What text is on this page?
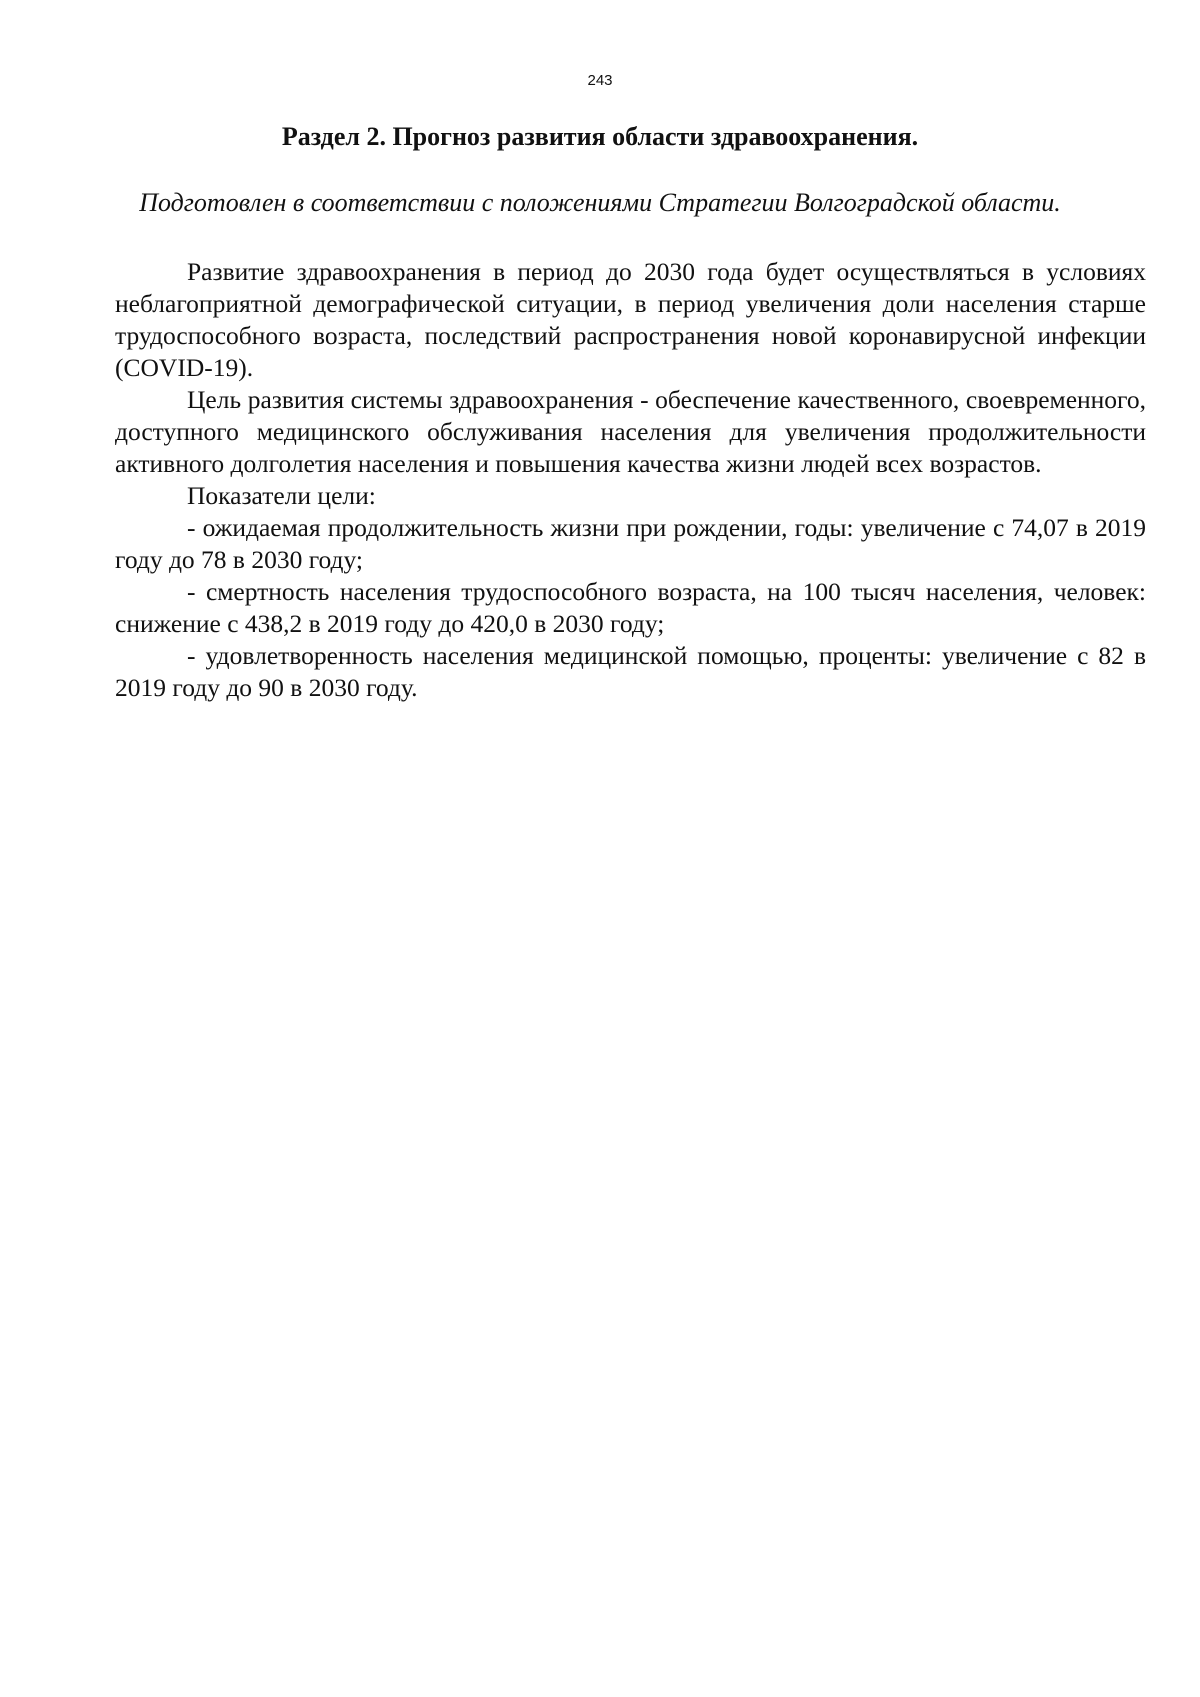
243
Раздел 2. Прогноз развития области здравоохранения.
Подготовлен в соответствии с положениями Стратегии Волгоградской области.

Развитие здравоохранения в период до 2030 года будет осуществляться в условиях неблагоприятной демографической ситуации, в период увеличения доли населения старше трудоспособного возраста, последствий распространения новой коронавирусной инфекции (COVID-19).

Цель развития системы здравоохранения - обеспечение качественного, своевременного, доступного медицинского обслуживания населения для увеличения продолжительности активного долголетия населения и повышения качества жизни людей всех возрастов.

Показатели цели:

- ожидаемая продолжительность жизни при рождении, годы: увеличение с 74,07 в 2019 году до 78 в 2030 году;

- смертность населения трудоспособного возраста, на 100 тысяч населения, человек: снижение с 438,2 в 2019 году до 420,0 в 2030 году;

- удовлетворенность населения медицинской помощью, проценты: увеличение с 82 в 2019 году до 90 в 2030 году.
